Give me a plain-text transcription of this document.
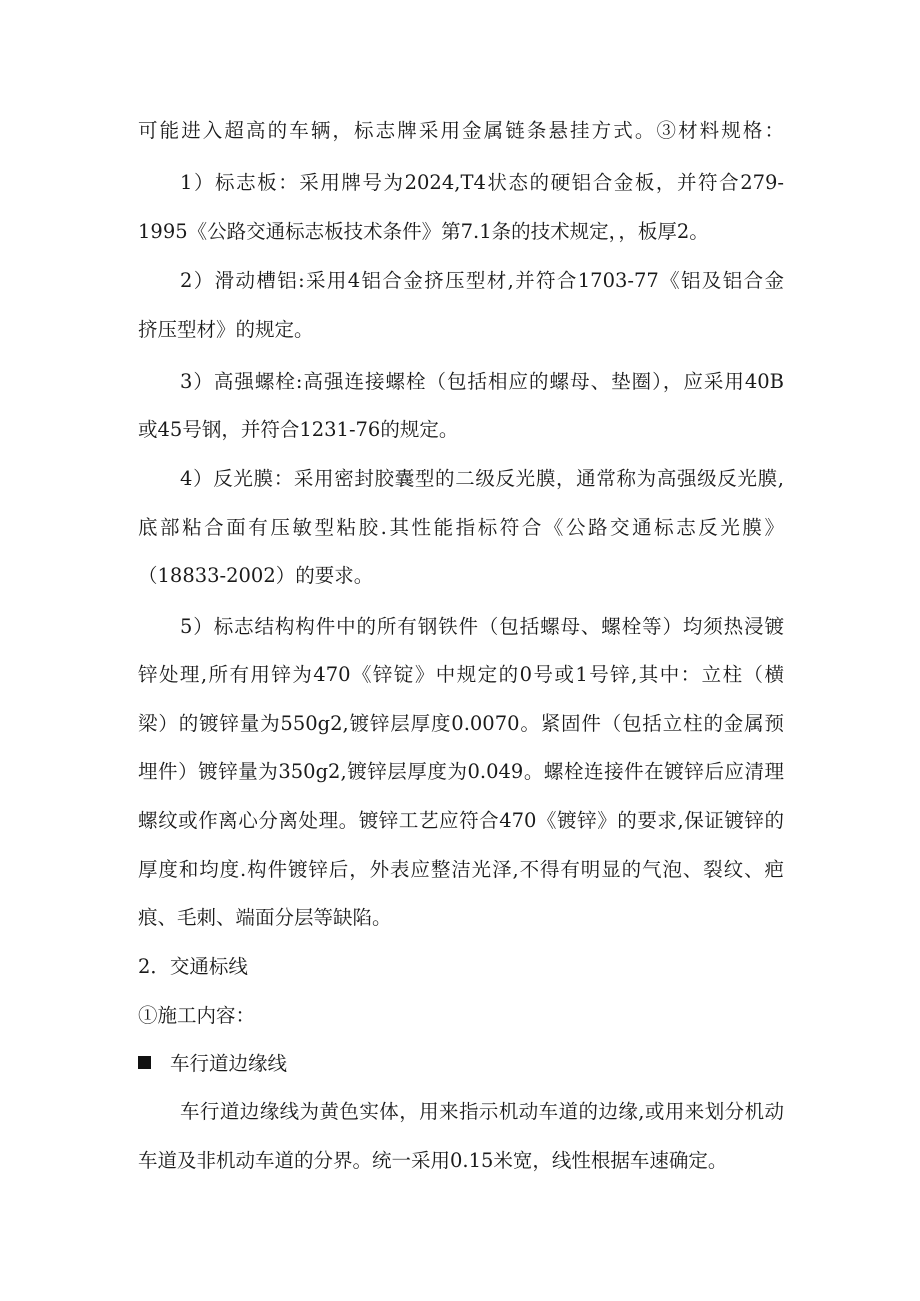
可能进入超高的车辆，标志牌采用金属链条悬挂方式。③材料规格：
1）标志板：采用牌号为2024,T4状态的硬铝合金板，并符合279-
1995《公路交通标志板技术条件》第7.1条的技术规定，，板厚2。
2）滑动槽铝:采用4铝合金挤压型材,并符合1703-77《铝及铝合金
挤压型材》的规定。
3）高强螺栓:高强连接螺栓（包括相应的螺母、垫圈），应采用40B
或45号钢，并符合1231-76的规定。
4）反光膜：采用密封胶囊型的二级反光膜，通常称为高强级反光膜,
底部粘合面有压敏型粘胶.其性能指标符合《公路交通标志反光膜》
（18833-2002）的要求。
5）标志结构构件中的所有钢铁件（包括螺母、螺栓等）均须热浸镀
锌处理,所有用锌为470《锌锭》中规定的0号或1号锌,其中：立柱（横
梁）的镀锌量为550g2,镀锌层厚度0.0070。紧固件（包括立柱的金属预
埋件）镀锌量为350g2,镀锌层厚度为0.049。螺栓连接件在镀锌后应清理
螺纹或作离心分离处理。镀锌工艺应符合470《镀锌》的要求,保证镀锌的
厚度和均度.构件镀锌后，外表应整洁光泽,不得有明显的气泡、裂纹、疤
痕、毛刺、端面分层等缺陷。
2．交通标线
①施工内容：
车行道边缘线
车行道边缘线为黄色实体，用来指示机动车道的边缘,或用来划分机动
车道及非机动车道的分界。统一采用0.15米宽，线性根据车速确定。
